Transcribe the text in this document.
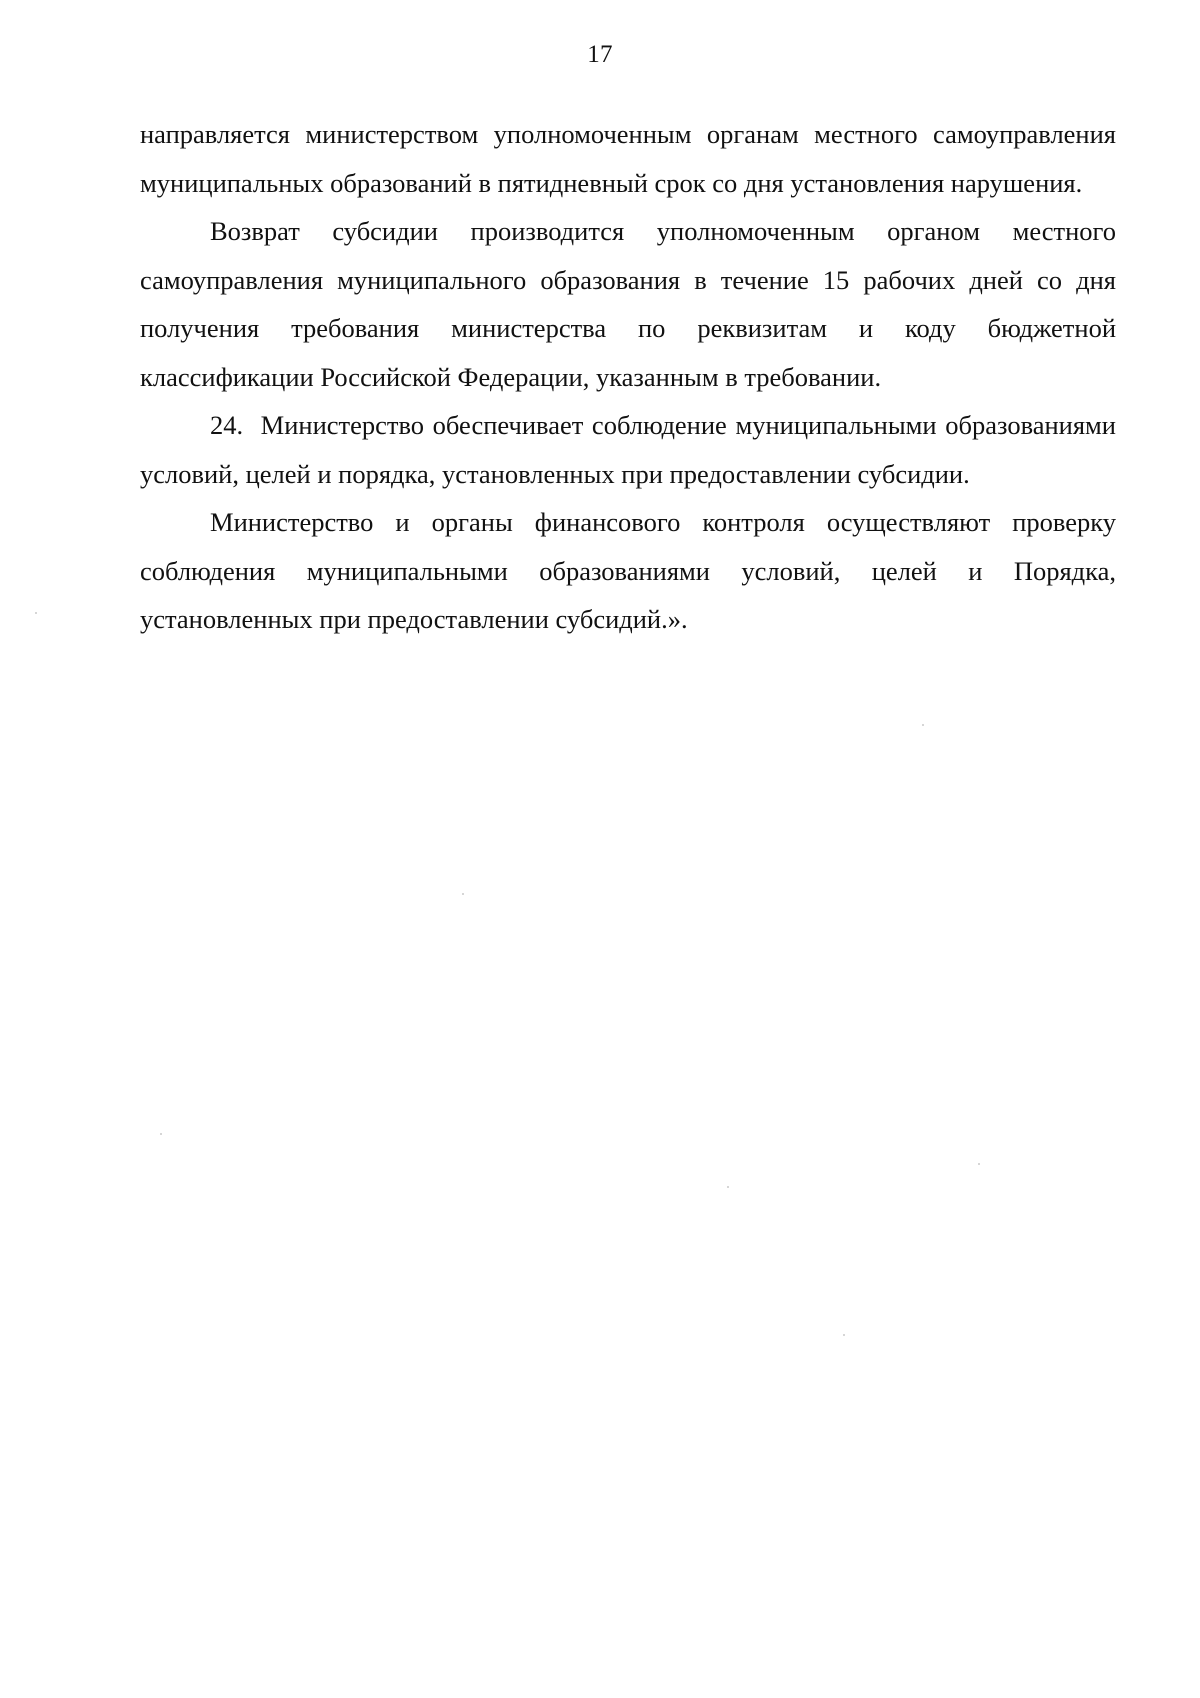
17

направляется министерством уполномоченным органам местного самоуправления муниципальных образований в пятидневный срок со дня установления нарушения.

Возврат субсидии производится уполномоченным органом местного самоуправления муниципального образования в течение 15 рабочих дней со дня получения требования министерства по реквизитам и коду бюджетной классификации Российской Федерации, указанным в требовании.

24. Министерство обеспечивает соблюдение муниципальными образованиями условий, целей и порядка, установленных при предоставлении субсидии.

Министерство и органы финансового контроля осуществляют проверку соблюдения муниципальными образованиями условий, целей и Порядка, установленных при предоставлении субсидий.».
